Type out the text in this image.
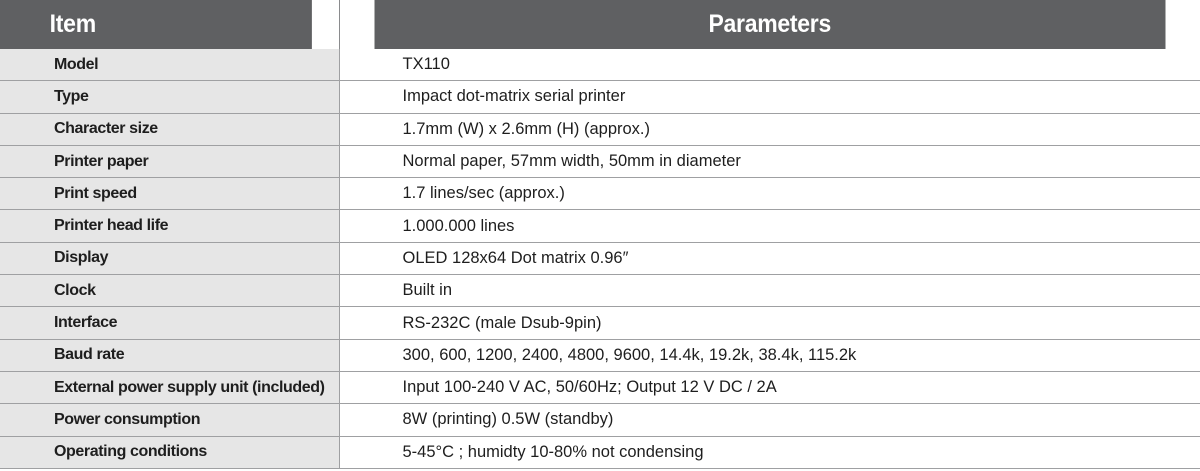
Item	Parameters
Model	TX110
Type	Impact dot-matrix serial printer
Character size	1.7mm (W) x 2.6mm (H) (approx.)
Printer paper	Normal paper, 57mm width, 50mm in diameter
Print speed	1.7 lines/sec (approx.)
Printer head life	1.000.000 lines
Display	OLED 128x64 Dot matrix 0.96″
Clock	Built in
Interface	RS-232C (male Dsub-9pin)
Baud rate	300, 600, 1200, 2400, 4800, 9600, 14.4k, 19.2k, 38.4k, 115.2k
External power supply unit (included)	Input 100-240 V AC, 50/60Hz; Output 12 V DC / 2A
Power consumption	8W (printing) 0.5W (standby)
Operating conditions	5-45°C ; humidty 10-80% not condensing
